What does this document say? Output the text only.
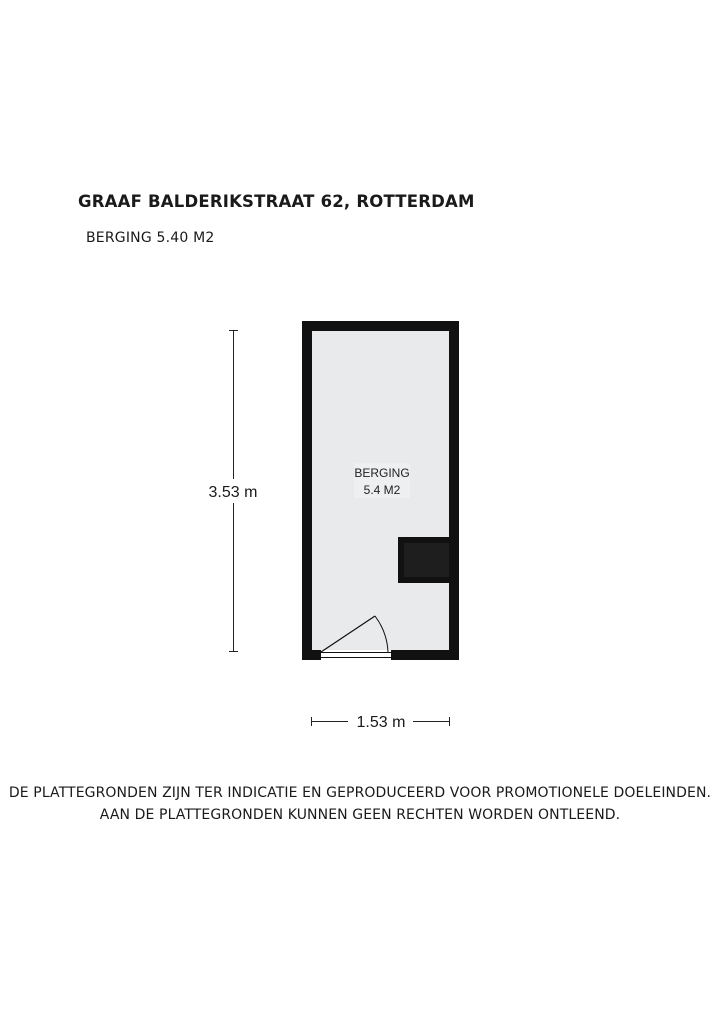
GRAAF BALDERIKSTRAAT 62, ROTTERDAM
BERGING 5.40 M2
BERGING
5.4 M2
3.53 m
1.53 m
DE PLATTEGRONDEN ZIJN TER INDICATIE EN GEPRODUCEERD VOOR PROMOTIONELE DOELEINDEN.
AAN DE PLATTEGRONDEN KUNNEN GEEN RECHTEN WORDEN ONTLEEND.
